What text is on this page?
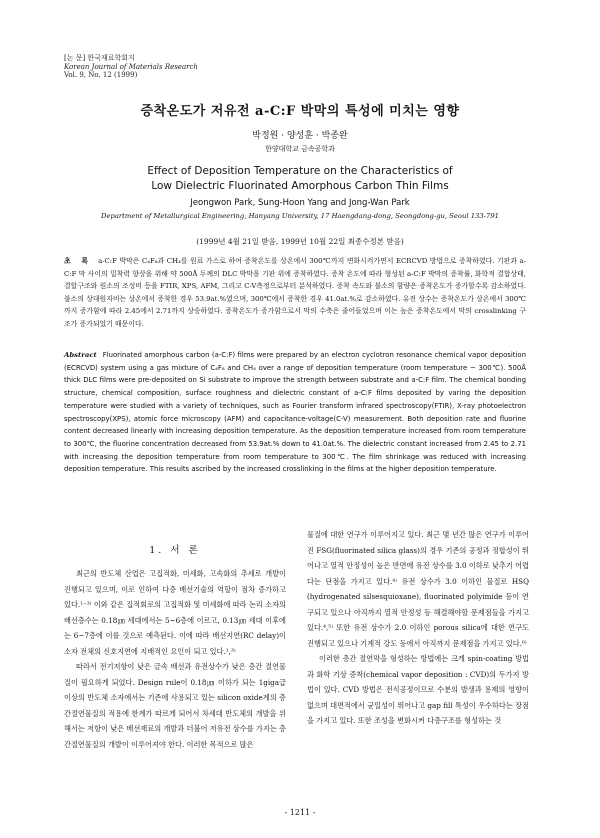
[논 문] 한국재료학회지
Korean Journal of Materials Research
Vol. 9, No. 12 (1999)
증착온도가 저유전 a-C:F 박막의 특성에 미치는 영향
박정원 · 양성훈 · 박종완
한양대학교 금속공학과
Effect of Deposition Temperature on the Characteristics of
Low Dielectric Fluorinated Amorphous Carbon Thin Films
Jeongwon Park, Sung-Hoon Yang and Jong-Wan Park
Department of Metallurgical Engineering, Hanyang University, 17 Haengdang-dong, Seongdong-gu, Seoul 133-791
(1999년 4월 21일 받음, 1999년 10월 22일 최종수정본 받음)
초 록 a-C:F 박막은 C₄F₈과 CH₄를 원료 가스로 하여 증착온도를 상온에서 300℃까지 변화시켜가면서 ECRCVD 방법으로 증착하였다. 기판과 a-C:F 막 사이의 밀착력 향상을 위해 약 500Å 두께의 DLC 박막을 기판 위에 증착하였다. 증착 온도에 따라 형성된 a-C:F 박막의 증착률, 화학적 결합상태, 결합구조와 원소의 조성비 등을 FTIR, XPS, AFM, 그리고 C-V측정으로부터 분석하였다. 증착 속도와 불소의 함량은 증착온도가 증가할수록 감소하였다. 불소의 상대원자비는 상온에서 증착한 경우 53.9at.%였으며, 300℃에서 증착한 경우 41.0at.%로 감소하였다. 유전 상수는 증착온도가 상온에서 300℃까지 증가함에 따라 2.45에서 2.71까지 상승하였다. 증착온도가 증가함으로서 막의 수축은 줄어들었으며 이는 높은 증착온도에서 막의 crosslinking 구조가 증가되었기 때문이다.
Abstract Fluorinated amorphous carbon (a-C:F) films were prepared by an electron cyclotron resonance chemical vapor deposition (ECRCVD) system using a gas mixture of C₄F₈ and CH₄ over a range of deposition temperature (room temperature ~ 300℃). 500Å thick DLC films were pre-deposited on Si substrate to improve the strength between substrate and a-C:F film. The chemical bonding structure, chemical composition, surface roughness and dielectric constant of a-C:F films deposited by varing the deposition temperature were studied with a variety of techniques, such as Fourier transform infrared spectroscopy(FTIR), X-ray photoelectron spectroscopy(XPS), atomic force microscopy (AFM) and capacitance-voltage(C-V) measurement. Both deposition rate and fluorine content decreased linearly with increasing deposition temperature. As the deposition temperature increased from room temperature to 300℃, the fluorine concentration decreased from 53.9at.% down to 41.0at.%. The dielectric constant increased from 2.45 to 2.71 with increasing the deposition temperature from room temperature to 300℃. The film shrinkage was reduced with increasing deposition temperature. This results ascribed by the increased crosslinking in the films at the higher deposition temperature.
1. 서 론

최근의 반도체 산업은 고집적화, 미세화, 고속화의 추세로 개발이 진행되고 있으며, 이로 인하여 다층 배선기술의 역할이 점차 증가하고 있다.¹⁻³⁾ 이와 같은 집적회로의 고집적화 및 미세화에 따라 논리 소자의 배선층수는 0.18㎛ 세대에서는 5~6층에 이르고, 0.13㎛ 세대 이후에는 6~7층에 이를 것으로 예측된다. 이에 따라 배선지연(RC delay)이 소자 전체의 신호지연에 지배적인 요인이 되고 있다.¹,³⁾

따라서 전기저항이 낮은 금속 배선과 유전상수가 낮은 층간 절연물질이 필요하게 되었다. Design rule이 0.18㎛ 이하가 되는 1giga급 이상의 반도체 소자에서는 기존에 사용되고 있는 silicon oxide계의 층간절연물질의 적용에 한계가 따르게 되어서 차세대 반도체의 개발을 위해서는 저항이 낮은 배선재료의 개발과 더불어 저유전 상수를 가지는 층간절연물질의 개발이 이루어져야 한다. 이러한 목적으로 많은

물질에 대한 연구가 이루어지고 있다. 최근 몇 년간 많은 연구가 이루어진 FSG(fluorinated silica glass)의 경우 기존의 공정과 정합성이 뛰어나고 열적 안정성이 높은 반면에 유전 상수를 3.0 이하로 낮추기 어렵다는 단점을 가지고 있다.⁴⁾ 유전 상수가 3.0 이하인 물질로 HSQ (hydrogenated silsesquioxane), fluorinated polyimide 등이 연구되고 있으나 아직까지 열적 안정성 등 해결해야할 문제점들을 가지고 있다.⁴,⁵⁾ 또한 유전 상수가 2.0 이하인 porous silica에 대한 연구도 진행되고 있으나 기계적 강도 등에서 아직까지 문제점을 가지고 있다.⁶⁾

이러한 층간 절연막을 형성하는 방법에는 크게 spin-coating 방법과 화학 기상 증착(chemical vapor deposition : CVD)의 두가지 방법이 있다. CVD 방법은 전식공정이므로 수분의 발생과 용제의 영향이 없으며 대면적에서 균일성이 뛰어나고 gap fill 특성이 우수하다는 장점을 가지고 있다. 또한 조성을 변화시켜 다층구조를 형성하는 것

- 1211 -
